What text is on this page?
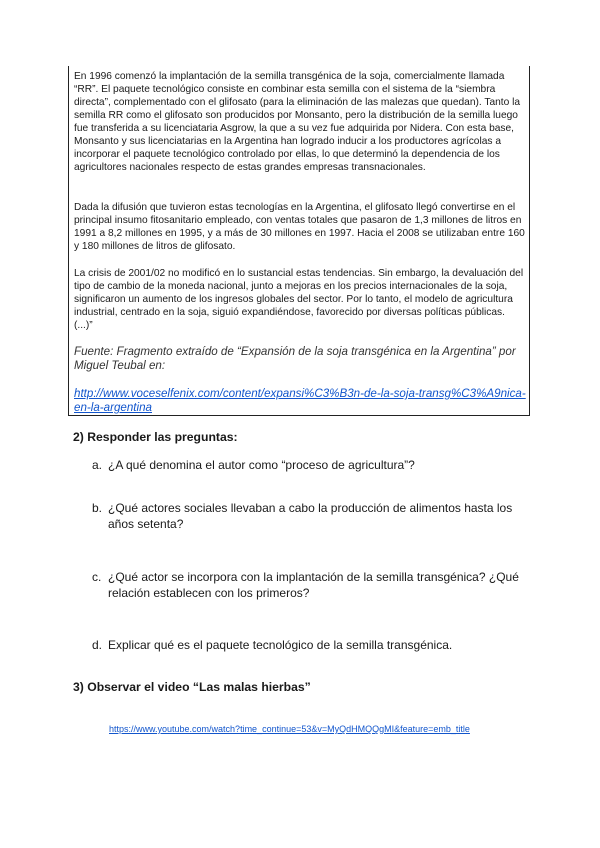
En 1996 comenzó la implantación de la semilla transgénica de la soja, comercialmente llamada “RR”. El paquete tecnológico consiste en combinar esta semilla con el sistema de la “siembra directa”, complementado con el glifosato (para la eliminación de las malezas que quedan). Tanto la semilla RR como el glifosato son producidos por Monsanto, pero la distribución de la semilla luego fue transferida a su licenciataria Asgrow, la que a su vez fue adquirida por Nidera. Con esta base, Monsanto y sus licenciatarias en la Argentina han logrado inducir a los productores agrícolas a incorporar el paquete tecnológico controlado por ellas, lo que determinó la dependencia de los agricultores nacionales respecto de estas grandes empresas transnacionales.

Dada la difusión que tuvieron estas tecnologías en la Argentina, el glifosato llegó convertirse en el principal insumo fitosanitario empleado, con ventas totales que pasaron de 1,3 millones de litros en 1991 a 8,2 millones en 1995, y a más de 30 millones en 1997. Hacia el 2008 se utilizaban entre 160 y 180 millones de litros de glifosato.

La crisis de 2001/02 no modificó en lo sustancial estas tendencias. Sin embargo, la devaluación del tipo de cambio de la moneda nacional, junto a mejoras en los precios internacionales de la soja, significaron un aumento de los ingresos globales del sector. Por lo tanto, el modelo de agricultura industrial, centrado en la soja, siguió expandiéndose, favorecido por diversas políticas públicas. (...)”

Fuente: Fragmento extraído de “Expansión de la soja transgénica en la Argentina” por Miguel Teubal en:

http://www.voceselfenix.com/content/expansi%C3%B3n-de-la-soja-transg%C3%A9nica-en-la-argentina

2) Responder las preguntas:

a. ¿A qué denomina el autor como “proceso de agricultura”?
b. ¿Qué actores sociales llevaban a cabo la producción de alimentos hasta los años setenta?
c. ¿Qué actor se incorpora con la implantación de la semilla transgénica? ¿Qué relación establecen con los primeros?
d. Explicar qué es el paquete tecnológico de la semilla transgénica.

3) Observar el video “Las malas hierbas”

https://www.youtube.com/watch?time_continue=53&v=MyQdHMQQgMI&feature=emb_title
